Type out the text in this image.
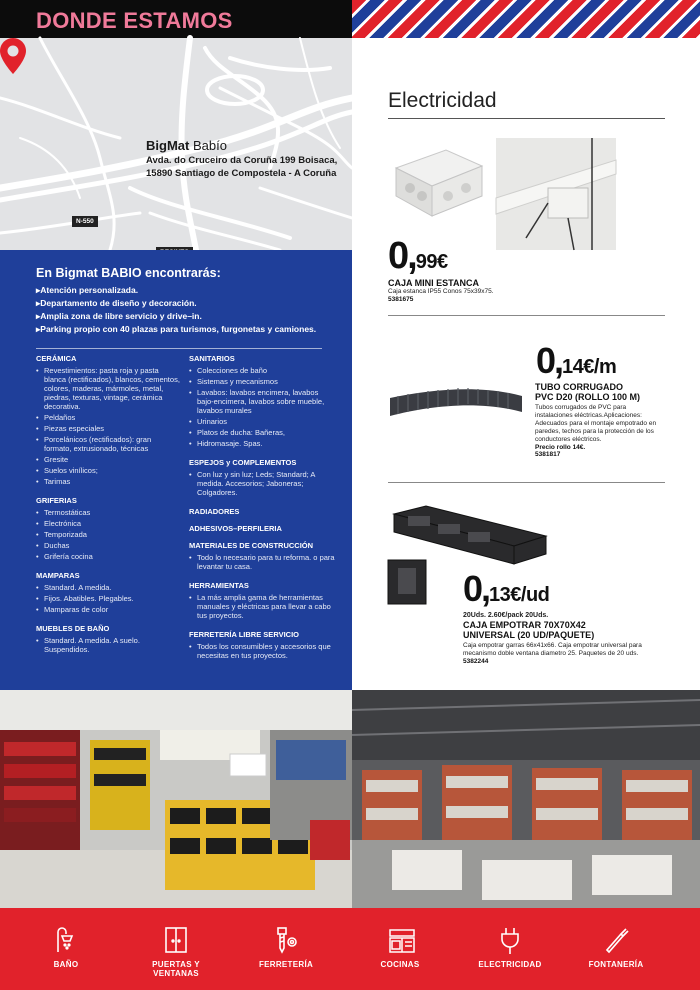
DONDE ESTAMOS
BigMat Babío
Avda. do Cruceiro da Coruña 199 Boisaca,
15890 Santiago de Compostela - A Coruña
N-550
En Bigmat BABIO encontrarás:
▸ Atención personalizada.
▸ Departamento de diseño y decoración.
▸ Amplia zona de libre servicio y drive–in.
▸ Parking propio con 40 plazas para turismos, furgonetas y camiones.
CERÁMICA
• Revestimientos: pasta roja y pasta blanca (rectificados), blancos, cementos, colores, maderas, mármoles, metal, piedras, texturas, vintage, cerámica decorativa.
• Peldaños
• Piezas especiales
• Porcelánicos (rectificados): gran formato, extrusionado, técnicas
• Gresite
• Suelos vinílicos;
• Tarimas
GRIFERIAS
• Termostáticas
• Electrónica
• Temporizada
• Duchas
• Grifería cocina
MAMPARAS
• Standard. A medida.
• Fijos. Abatibles. Plegables.
• Mamparas de color
MUEBLES DE BAÑO
• Standard. A medida. A suelo. Suspendidos.
SANITARIOS
• Colecciones de baño
• Sistemas y mecanismos
• Lavabos: lavabos encimera, lavabos bajo-encimera, lavabos sobre mueble, lavabos murales
• Urinarios
• Platos de ducha: Bañeras,
• Hidromasaje. Spas.
ESPEJOS y COMPLEMENTOS
• Con luz y sin luz; Leds; Standard; A medida. Accesorios; Jaboneras; Colgadores.
RADIADORES
ADHESIVOS–PERFILERIA
MATERIALES DE CONSTRUCCIÓN
• Todo lo necesario para tu reforma. o para levantar tu casa.
HERRAMIENTAS
• La más amplia gama de herramientas manuales y eléctricas para llevar a cabo tus proyectos.
FERRETERÍA LIBRE SERVICIO
• Todos los consumibles y accesorios que necesitas en tus proyectos.
Electricidad
0,99€
CAJA MINI ESTANCA
Caja estanca IP55 Conos 75x39x75.
5381675
0,14€/m
TUBO CORRUGADO
PVC D20 (ROLLO 100 M)
Tubos corrugados de PVC para instalaciones eléctricas.Aplicaciones: Adecuados para el montaje empotrado en paredes, techos para la protección de los conductores eléctricos.
Precio rollo 14€.
5381817
0,13€/ud
20Uds. 2.60€/pack 20Uds.
CAJA EMPOTRAR 70X70X42
UNIVERSAL (20 UD/PAQUETE)
Caja empotrar garras 66x41x66. Caja empotrar universal para mecanismo doble ventana diametro 25. Paquetes de 20 uds.
5382244
BAÑO	PUERTAS Y VENTANAS
FERRETERÍA	COCINAS	ELECTRICIDAD	FONTANERÍA
